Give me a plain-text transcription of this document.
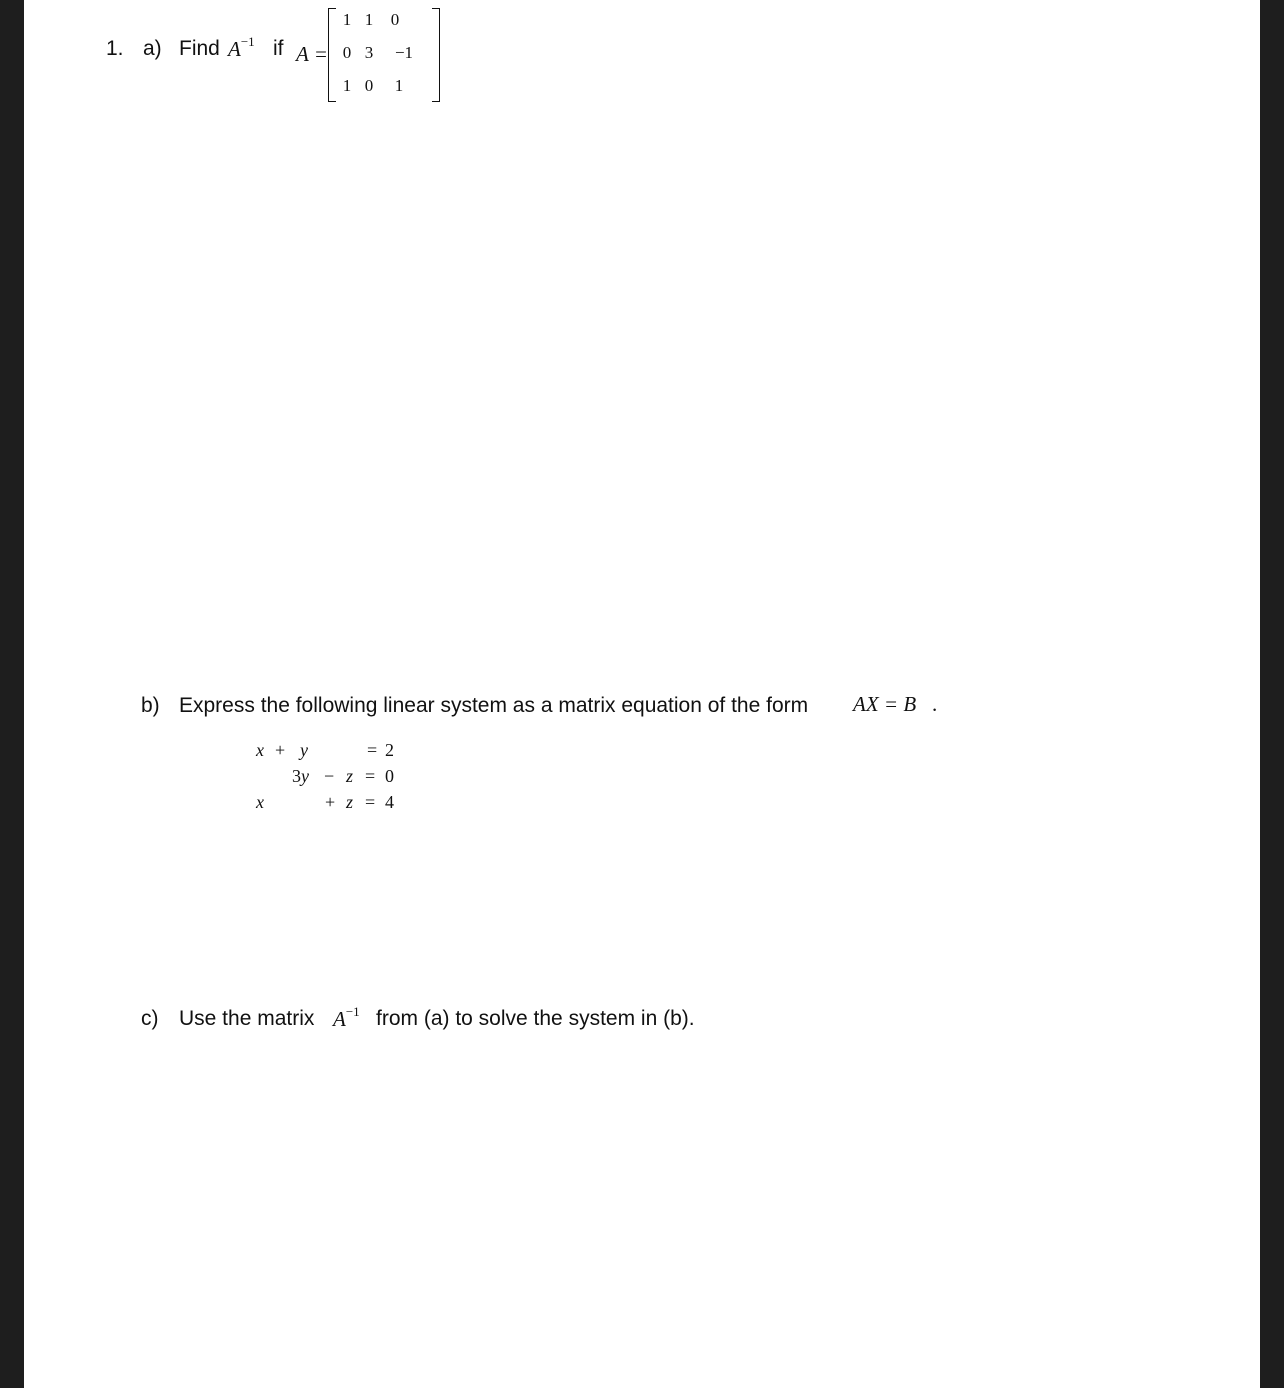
1. a) Find $A^{-1}$ if A =
1 1	0
0 3	−1
1 0	1
b) Express the following linear system as a matrix equation of the form AX = B .
x + y	= 2
3y − z = 0
x	+ z = 4
c) Use the matrix $A^{-1}$ from (a) to solve the system in (b).
